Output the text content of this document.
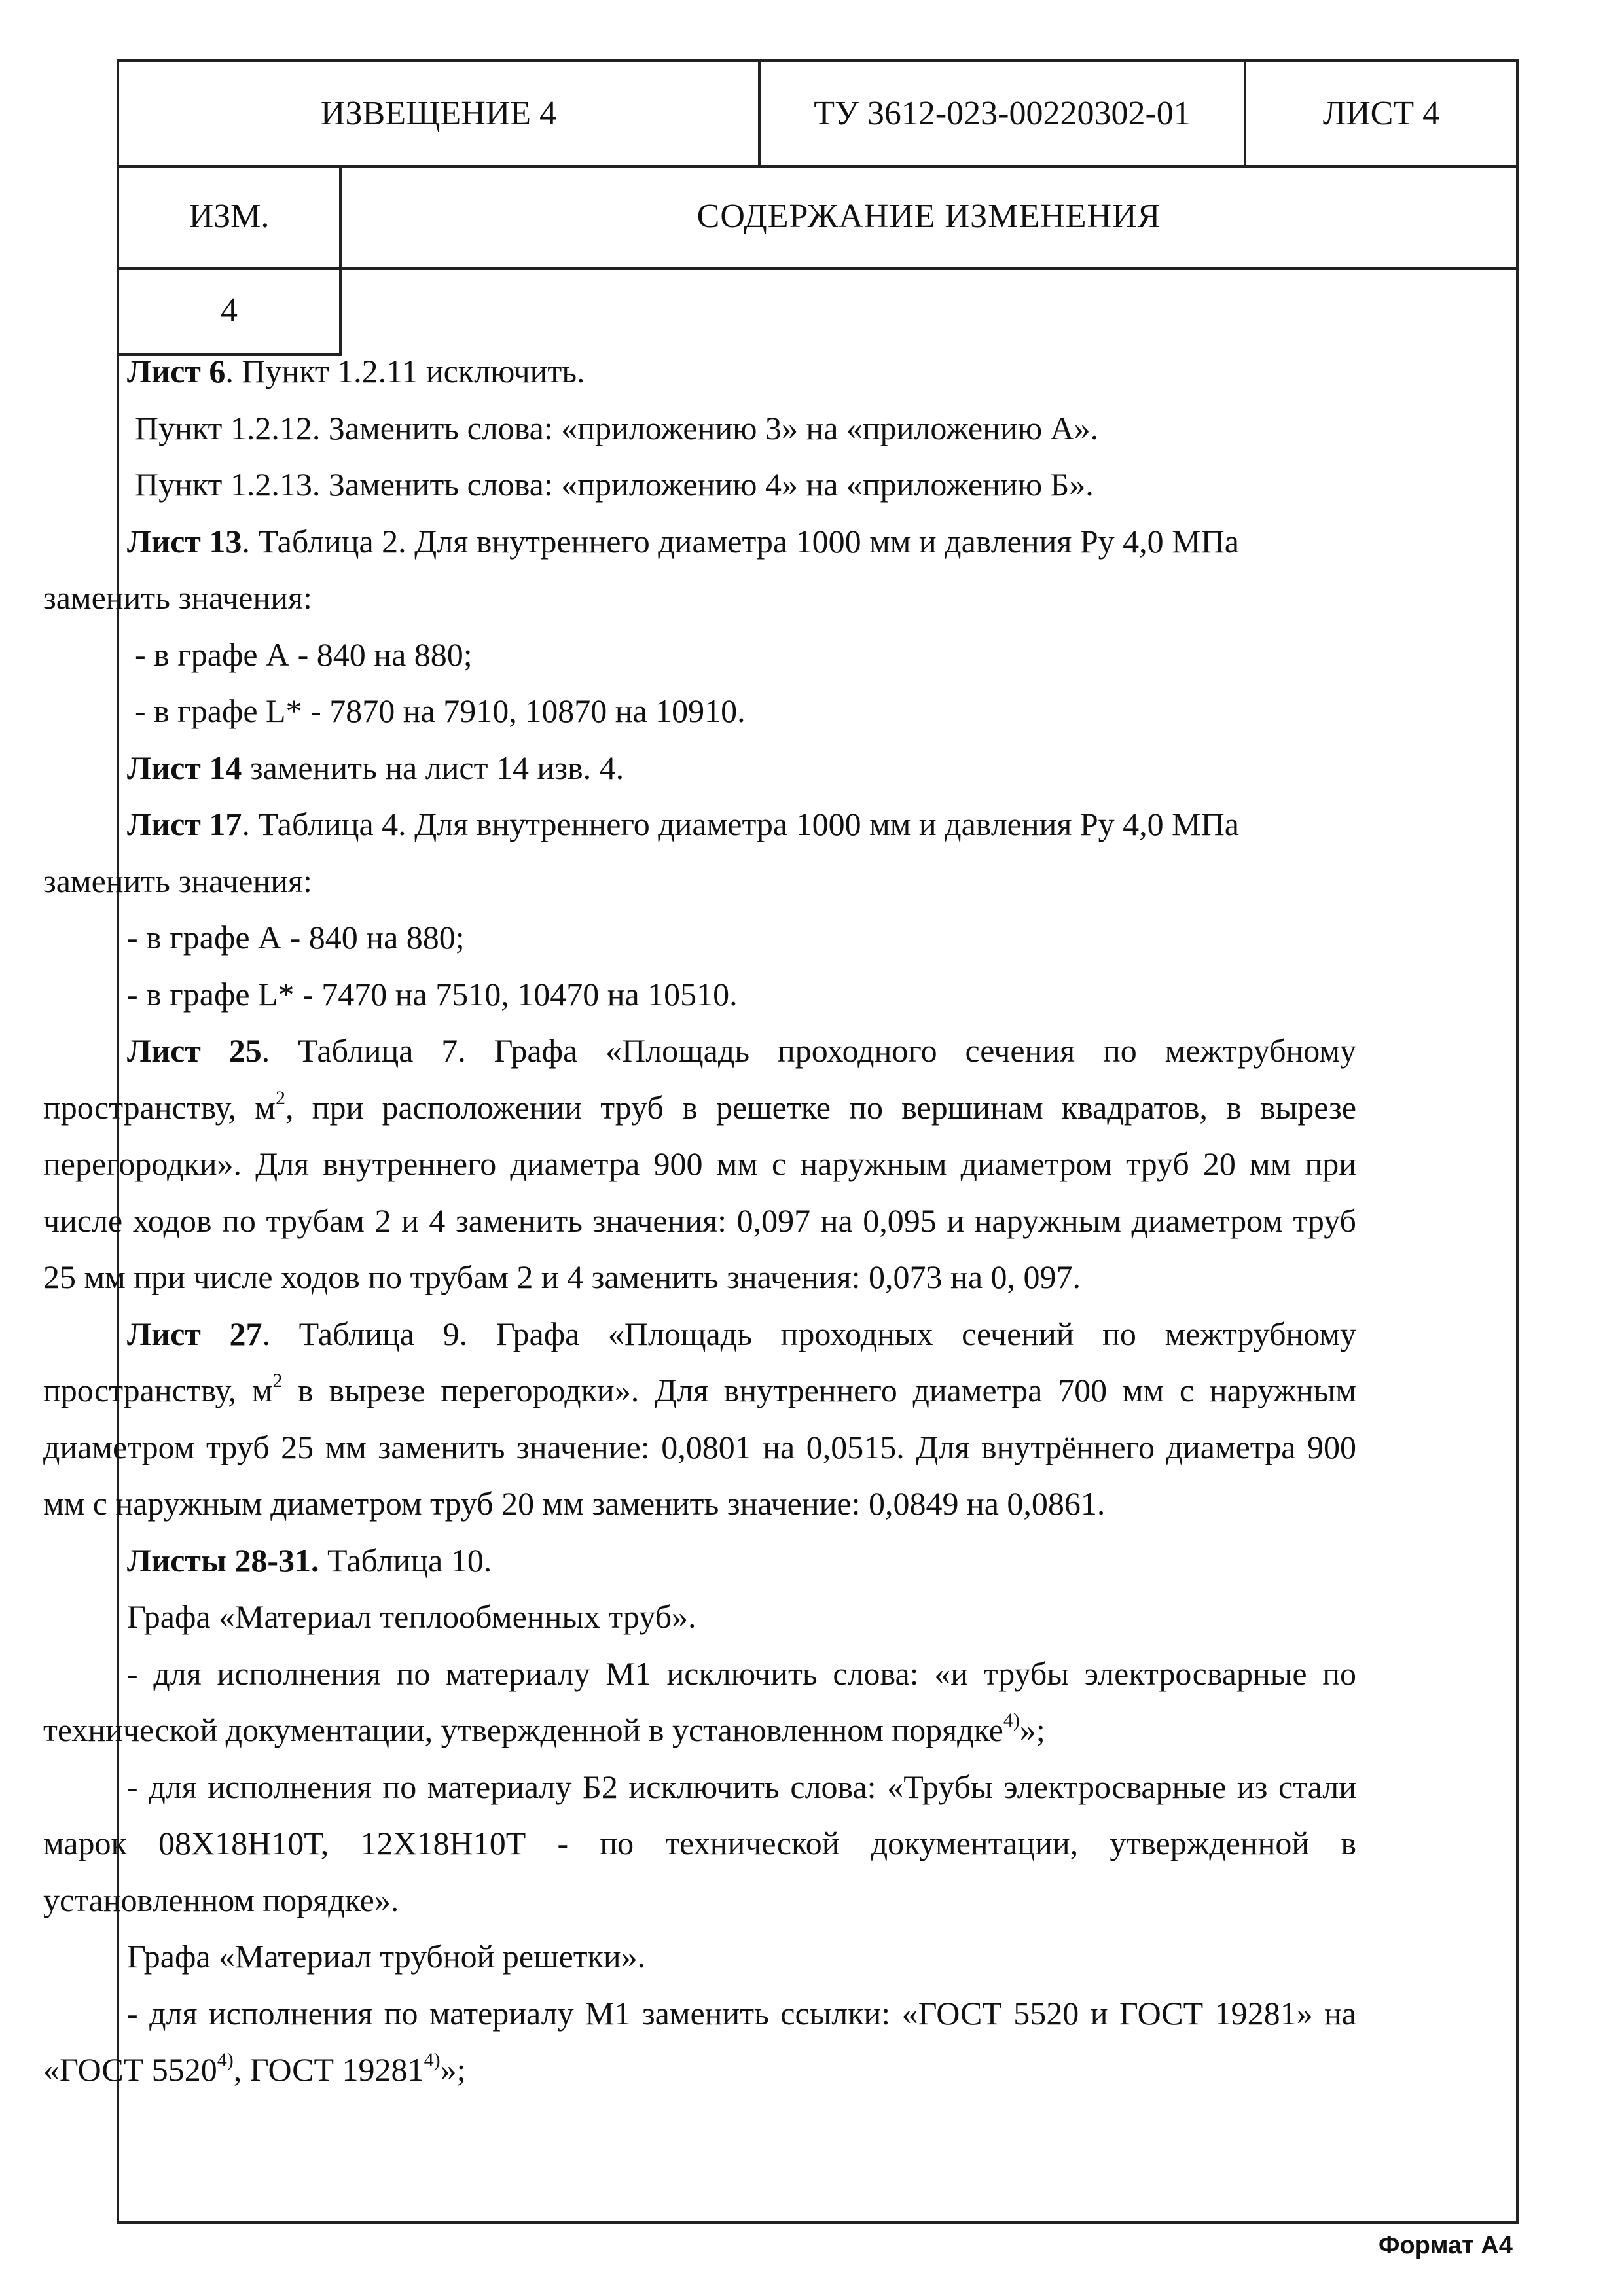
ИЗВЕЩЕНИЕ 4	ТУ 3612-023-00220302-01	ЛИСТ 4
ИЗМ.	СОДЕРЖАНИЕ ИЗМЕНЕНИЯ
4

Лист 6. Пункт 1.2.11 исключить.

Пункт 1.2.12. Заменить слова: «приложению 3» на «приложению А».

Пункт 1.2.13. Заменить слова: «приложению 4» на «приложению Б».

Лист 13. Таблица 2. Для внутреннего диаметра 1000 мм и давления Ру 4,0 МПа

заменить значения:

- в графе А - 840 на 880;

- в графе L* - 7870 на 7910, 10870 на 10910.

Лист 14 заменить на лист 14 изв. 4.

Лист 17. Таблица 4. Для внутреннего диаметра 1000 мм и давления Ру 4,0 МПа

заменить значения:

- в графе А - 840 на 880;

- в графе L* - 7470 на 7510, 10470 на 10510.

Лист 25. Таблица 7. Графа «Площадь проходного сечения по межтрубному пространству, $м^2$, при расположении труб в решетке по вершинам квадратов, в вырезе перегородки». Для внутреннего диаметра 900 мм с наружным диаметром труб 20 мм при числе ходов по трубам 2 и 4 заменить значения: 0,097 на 0,095 и наружным диаметром труб 25 мм при числе ходов по трубам 2 и 4 заменить значения: 0,073 на 0, 097.

Лист 27. Таблица 9. Графа «Площадь проходных сечений по межтрубному пространству, $м^2$ в вырезе перегородки». Для внутреннего диаметра 700 мм с наружным диаметром труб 25 мм заменить значение: 0,0801 на 0,0515. Для внутрённего диаметра 900 мм с наружным диаметром труб 20 мм заменить значение: 0,0849 на 0,0861.

Листы 28-31. Таблица 10.

Графа «Материал теплообменных труб».

- для исполнения по материалу М1 исключить слова: «и трубы электросварные по технической документации, утвержденной в установленном порядке$^{4)}$»;

- для исполнения по материалу Б2 исключить слова: «Трубы электросварные из стали марок 08Х18Н10Т, 12Х18Н10Т - по технической документации, утвержденной в установленном порядке».

Графа «Материал трубной решетки».

- для исполнения по материалу М1 заменить ссылки: «ГОСТ 5520 и ГОСТ 19281» на «ГОСТ 5520$^{4)}$, ГОСТ 19281$^{4)}$»;

Формат А4
